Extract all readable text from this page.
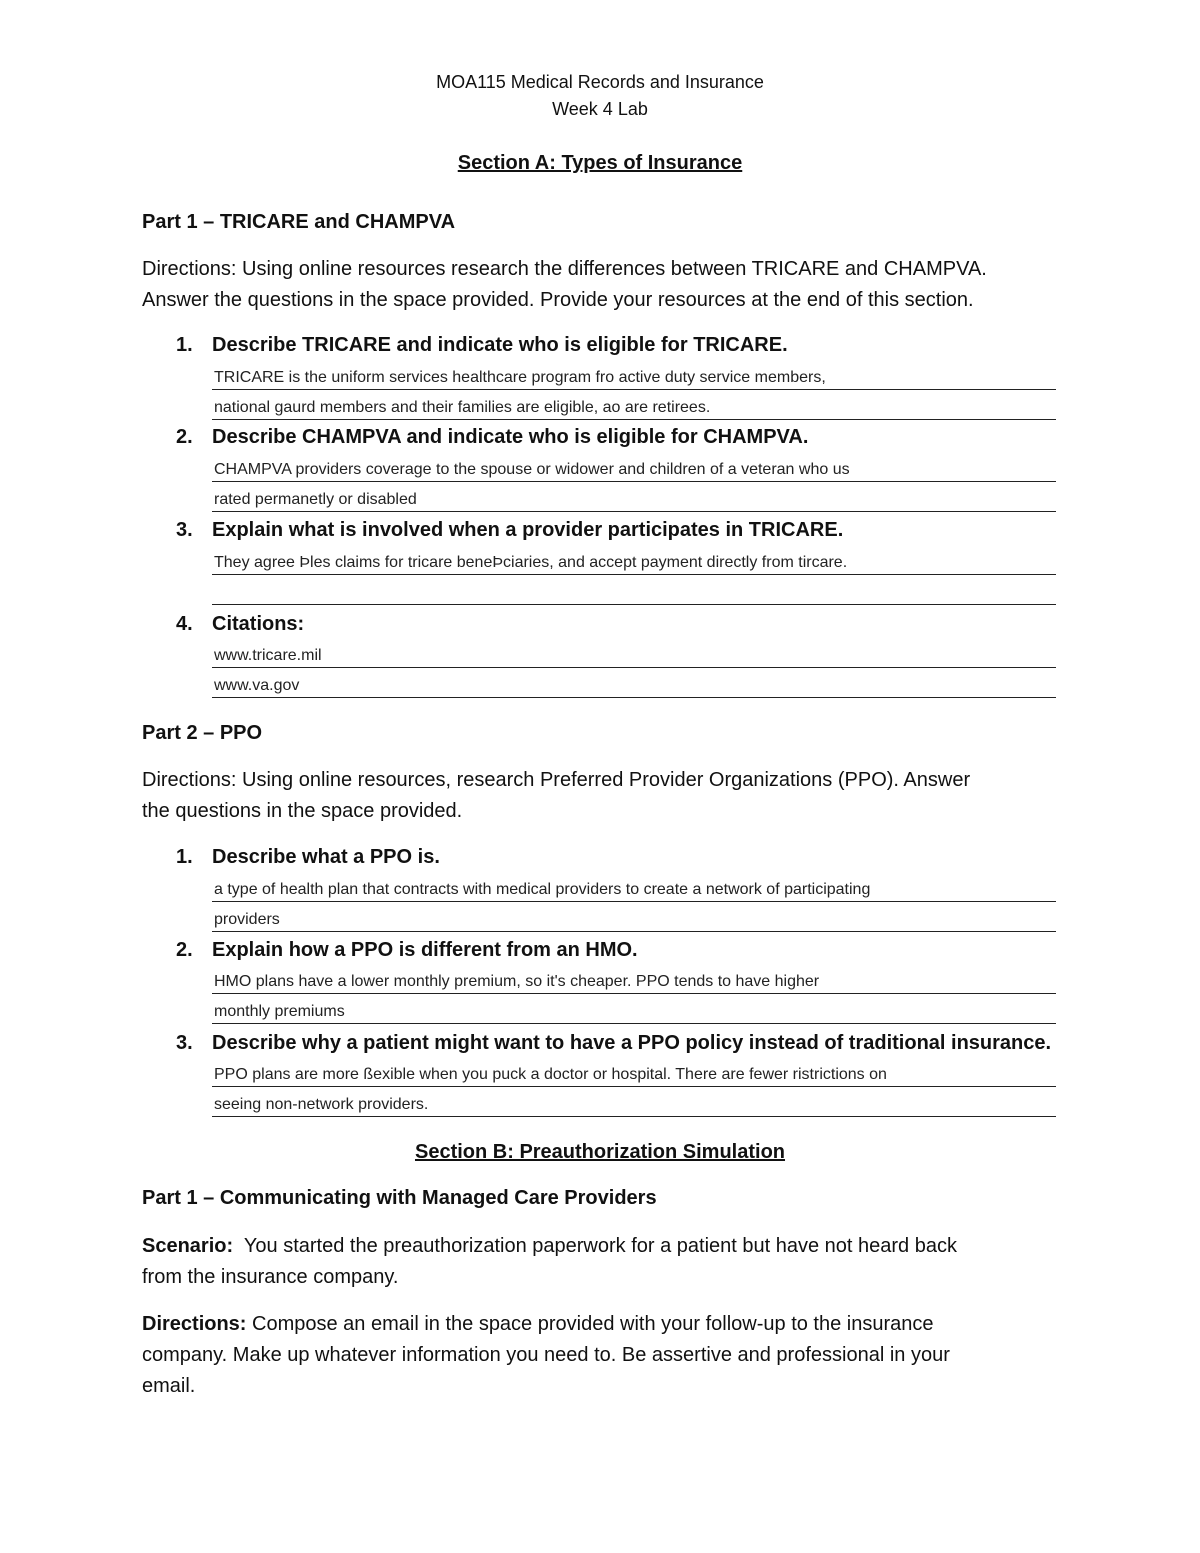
MOA115 Medical Records and Insurance
Week 4 Lab
Section A: Types of Insurance
Part 1 – TRICARE and CHAMPVA
Directions: Using online resources research the differences between TRICARE and CHAMPVA.
Answer the questions in the space provided. Provide your resources at the end of this section.
1. Describe TRICARE and indicate who is eligible for TRICARE.
TRICARE is the uniform services healthcare program fro active duty service members,
national gaurd members and their families are eligible, ao are retirees.
2. Describe CHAMPVA and indicate who is eligible for CHAMPVA.
CHAMPVA providers coverage to the spouse or widower and children of a veteran who us
rated permanetly or disabled
3. Explain what is involved when a provider participates in TRICARE.
They agree Þles claims for tricare beneÞciaries, and accept payment directly from tircare.
4. Citations:
www.tricare.mil
www.va.gov
Part 2 – PPO
Directions: Using online resources, research Preferred Provider Organizations (PPO). Answer
the questions in the space provided.
1. Describe what a PPO is.
a type of health plan that contracts with medical providers to create a network of participating
providers
2. Explain how a PPO is different from an HMO.
HMO plans have a lower monthly premium, so it's cheaper. PPO tends to have higher
monthly premiums
3. Describe why a patient might want to have a PPO policy instead of traditional insurance.
PPO plans are more ßexible when you puck a doctor or hospital. There are fewer ristrictions on
seeing non-network providers.
Section B: Preauthorization Simulation
Part 1 – Communicating with Managed Care Providers
Scenario:  You started the preauthorization paperwork for a patient but have not heard back
from the insurance company.
Directions: Compose an email in the space provided with your follow-up to the insurance
company. Make up whatever information you need to. Be assertive and professional in your
email.
